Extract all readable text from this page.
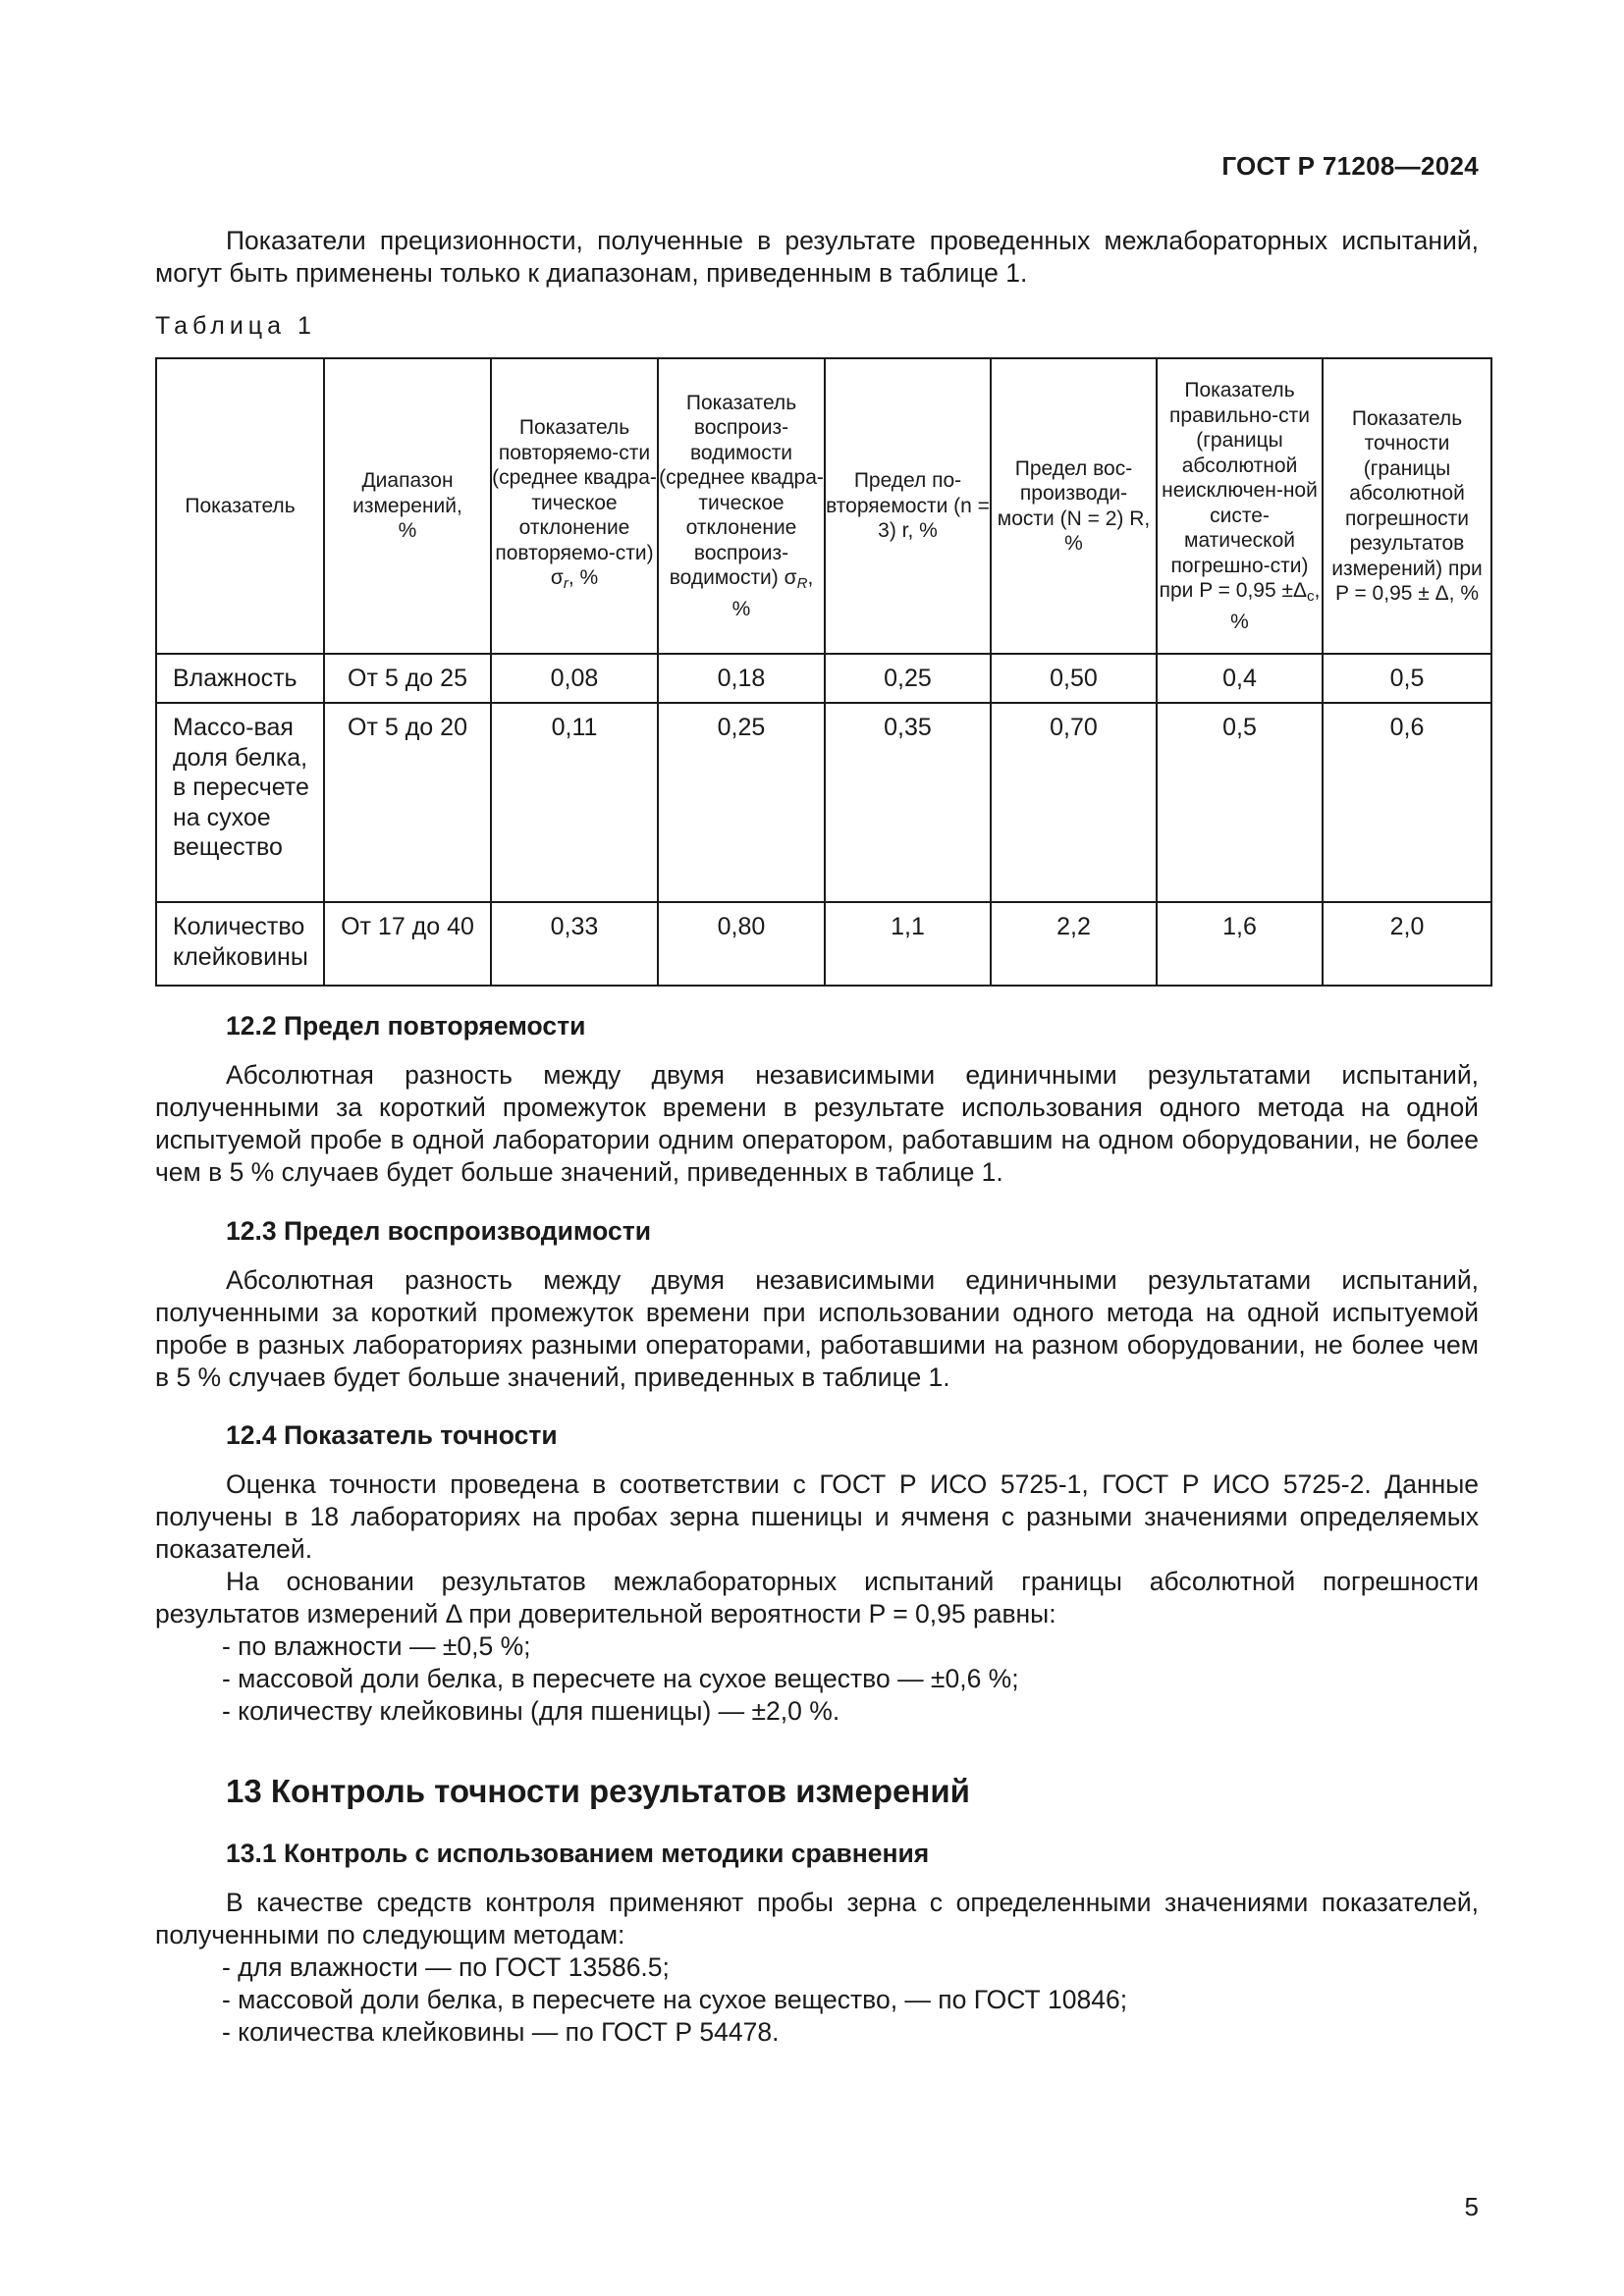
ГОСТ Р 71208—2024
Показатели прецизионности, полученные в результате проведенных межлабораторных испытаний, могут быть применены только к диапазонам, приведенным в таблице 1.
Таблица 1
Показатель	Диапазон измерений, %	Показатель повторяемо-сти (среднее квадра-тическое отклонение повторяемо-сти) $\sigma_r$, %	Показатель воспроиз-водимости (среднее квадра-тическое отклонение воспроиз-водимости) $\sigma_R$, %	Предел по-вторяемости (n = 3) r, %	Предел вос-производи-мости (N = 2) R, %	Показатель правильно-сти (границы абсолютной неисключен-ной систе-матической погрешно-сти) при $P = 0,95 \pm\Delta_c$, %	Показатель точности (границы абсолютной погрешности результатов измерений) при P = 0,95 ± Δ, %
Влажность	От 5 до 25	0,08	0,18	0,25	0,50	0,4	0,5
Массо-вая доля белка, в пересчете на сухое вещество	От 5 до 20	0,11	0,25	0,35	0,70	0,5	0,6
Количество клейковины	От 17 до 40	0,33	0,80	1,1	2,2	1,6	2,0
12.2 Предел повторяемости
Абсолютная разность между двумя независимыми единичными результатами испытаний, полученными за короткий промежуток времени в результате использования одного метода на одной испытуемой пробе в одной лаборатории одним оператором, работавшим на одном оборудовании, не более чем в 5 % случаев будет больше значений, приведенных в таблице 1.
12.3 Предел воспроизводимости
Абсолютная разность между двумя независимыми единичными результатами испытаний, полученными за короткий промежуток времени при использовании одного метода на одной испытуемой пробе в разных лабораториях разными операторами, работавшими на разном оборудовании, не более чем в 5 % случаев будет больше значений, приведенных в таблице 1.
12.4 Показатель точности
Оценка точности проведена в соответствии с ГОСТ Р ИСО 5725-1, ГОСТ Р ИСО 5725-2. Данные получены в 18 лабораториях на пробах зерна пшеницы и ячменя с разными значениями определяемых показателей.
На основании результатов межлабораторных испытаний границы абсолютной погрешности результатов измерений Δ при доверительной вероятности P = 0,95 равны:
- по влажности — ±0,5 %;
- массовой доли белка, в пересчете на сухое вещество — ±0,6 %;
- количеству клейковины (для пшеницы) — ±2,0 %.
13 Контроль точности результатов измерений
13.1 Контроль с использованием методики сравнения
В качестве средств контроля применяют пробы зерна с определенными значениями показателей, полученными по следующим методам:
- для влажности — по ГОСТ 13586.5;
- массовой доли белка, в пересчете на сухое вещество, — по ГОСТ 10846;
- количества клейковины — по ГОСТ Р 54478.
5
